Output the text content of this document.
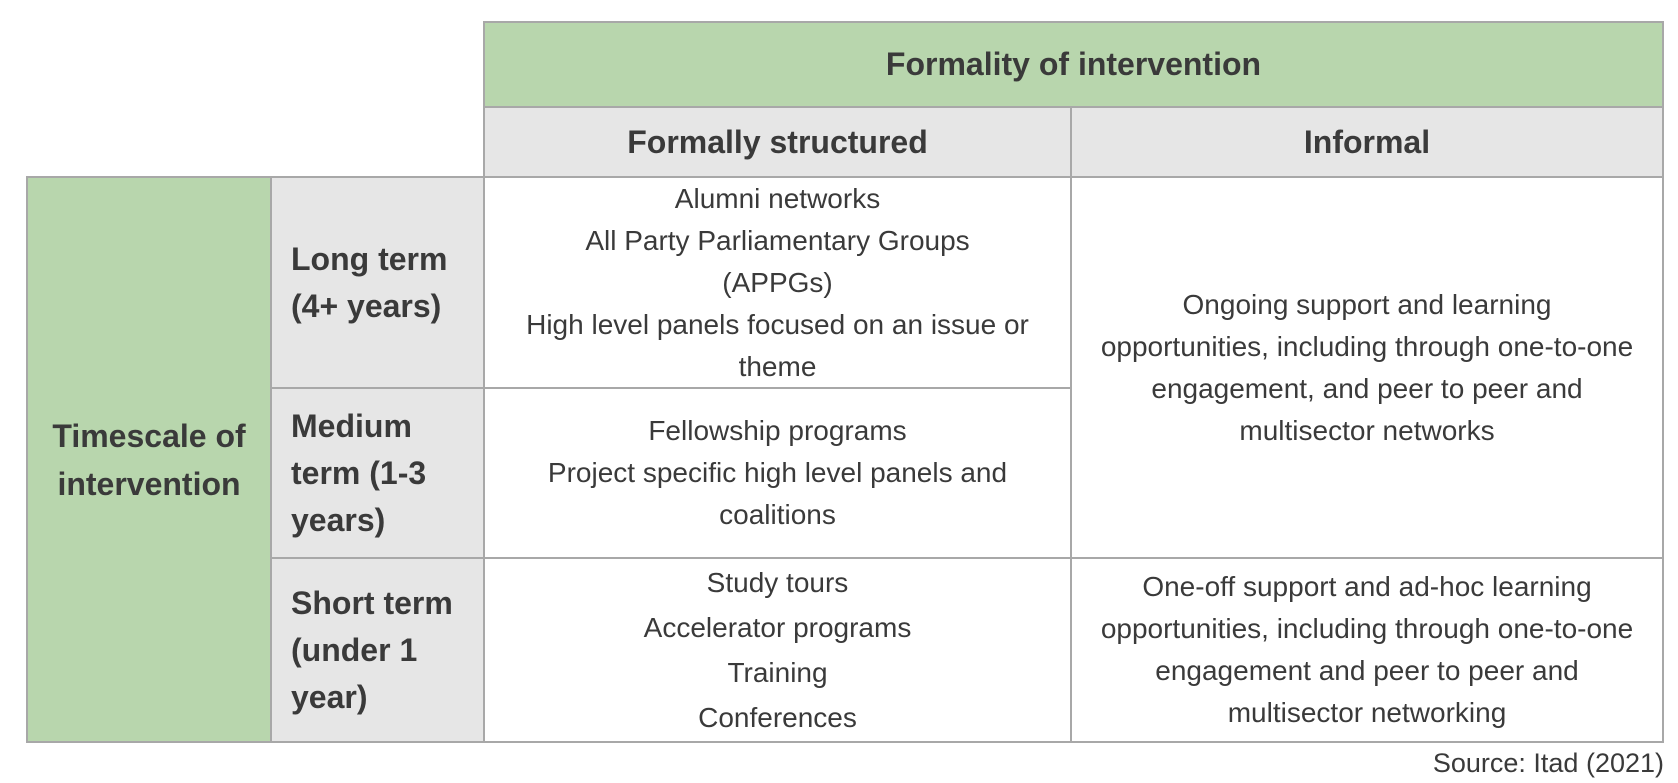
Formality of intervention
Formally structured	Informal
Timescale of intervention
Long term (4+ years)
Medium term (1-3 years)
Short term (under 1 year)
Alumni networks
All Party Parliamentary Groups (APPGs)
High level panels focused on an issue or theme
Fellowship programs
Project specific high level panels and coalitions
Study tours
Accelerator programs
Training
Conferences
Ongoing support and learning opportunities, including through one-to-one engagement, and peer to peer and multisector networks
One-off support and ad-hoc learning opportunities, including through one-to-one engagement and peer to peer and multisector networking
Source: Itad (2021)
